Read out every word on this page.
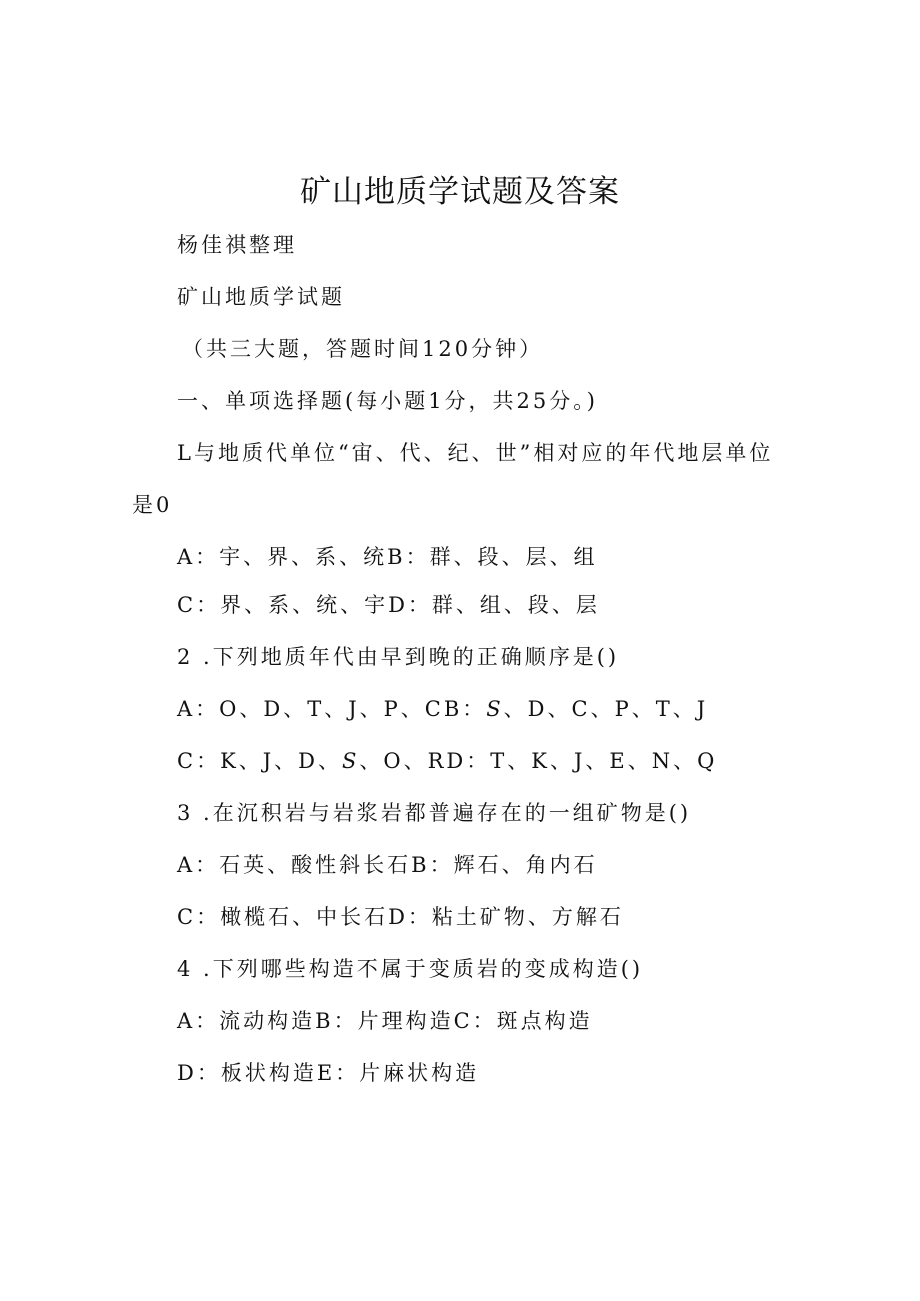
矿山地质学试题及答案
杨佳祺整理
矿山地质学试题
（共三大题，答题时间120分钟）
一、单项选择题(每小题1分，共25分。)
L与地质代单位“宙、代、纪、世”相对应的年代地层单位
是0
A：宇、界、系、统B：群、段、层、组
C：界、系、统、宇D：群、组、段、层
2 .下列地质年代由早到晚的正确顺序是()
A：O、D、T、J、P、CB：S、D、C、P、T、J
C：K、J、D、S、O、RD：T、K、J、E、N、Q
3 .在沉积岩与岩浆岩都普遍存在的一组矿物是()
A：石英、酸性斜长石B：辉石、角内石
C：橄榄石、中长石D：粘土矿物、方解石
4 .下列哪些构造不属于变质岩的变成构造()
A：流动构造B：片理构造C：斑点构造
D：板状构造E：片麻状构造
